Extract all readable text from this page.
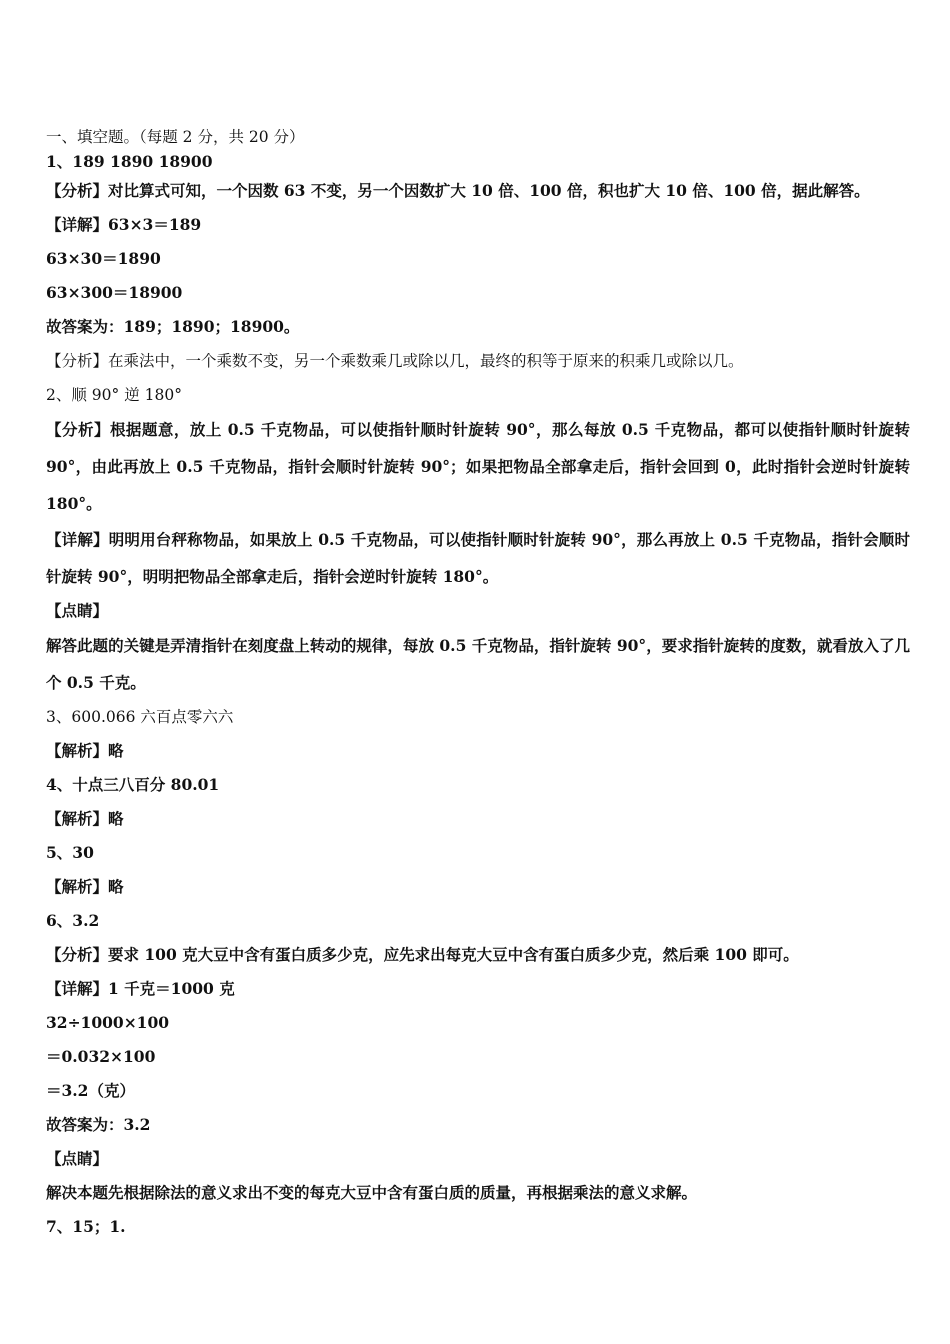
一、填空题。（每题 2 分，共 20 分）
1、189 1890 18900
【分析】对比算式可知，一个因数 63 不变，另一个因数扩大 10 倍、100 倍，积也扩大 10 倍、100 倍，据此解答。
【详解】63×3＝189
63×30＝1890
63×300＝18900
故答案为：189；1890；18900。
【分析】在乘法中，一个乘数不变，另一个乘数乘几或除以几，最终的积等于原来的积乘几或除以几。
2、顺 90° 逆 180°
【分析】根据题意，放上 0.5 千克物品，可以使指针顺时针旋转 90°，那么每放 0.5 千克物品，都可以使指针顺时针旋转 90°，由此再放上 0.5 千克物品，指针会顺时针旋转 90°；如果把物品全部拿走后，指针会回到 0，此时指针会逆时针旋转 180°。
【详解】明明用台秤称物品，如果放上 0.5 千克物品，可以使指针顺时针旋转 90°，那么再放上 0.5 千克物品，指针会顺时针旋转 90°，明明把物品全部拿走后，指针会逆时针旋转 180°。
【点睛】
解答此题的关键是弄清指针在刻度盘上转动的规律，每放 0.5 千克物品，指针旋转 90°，要求指针旋转的度数，就看放入了几个 0.5 千克。
3、600.066 六百点零六六
【解析】略
4、十点三八百分 80.01
【解析】略
5、30
【解析】略
6、3.2
【分析】要求 100 克大豆中含有蛋白质多少克，应先求出每克大豆中含有蛋白质多少克，然后乘 100 即可。
【详解】1 千克＝1000 克
32÷1000×100
＝0.032×100
＝3.2（克）
故答案为：3.2
【点睛】
解决本题先根据除法的意义求出不变的每克大豆中含有蛋白质的质量，再根据乘法的意义求解。
7、15；1.
